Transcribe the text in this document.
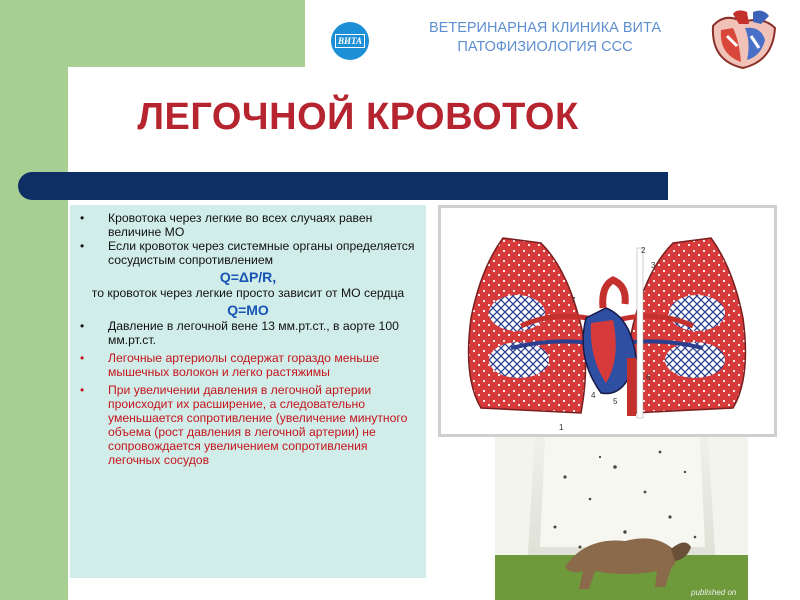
ВИТА
ВЕТЕРИНАРНАЯ КЛИНИКА ВИТА
ПАТОФИЗИОЛОГИЯ ССС
ЛЕГОЧНОЙ КРОВОТОК
• Кровотока через легкие во всех случаях равен величине МО
• Если кровоток через системные органы определяется сосудистым сопротивлением
Q=ΔP/R,
то кровоток через легкие просто зависит от МО сердца
Q=МО
• Давление в легочной вене 13 мм.рт.ст., в аорте 100 мм.рт.ст.
• Легочные артериолы содержат гораздо меньше мышечных волокон и легко растяжимы
• При увеличении давления в легочной артерии происходит их расширение, а следовательно уменьшается сопротивление (увеличение минутного объема (рост давления в легочной артерии) не сопровождается увеличением сопротивления легочных сосудов
1
2
3
4
5
6
7
published on
